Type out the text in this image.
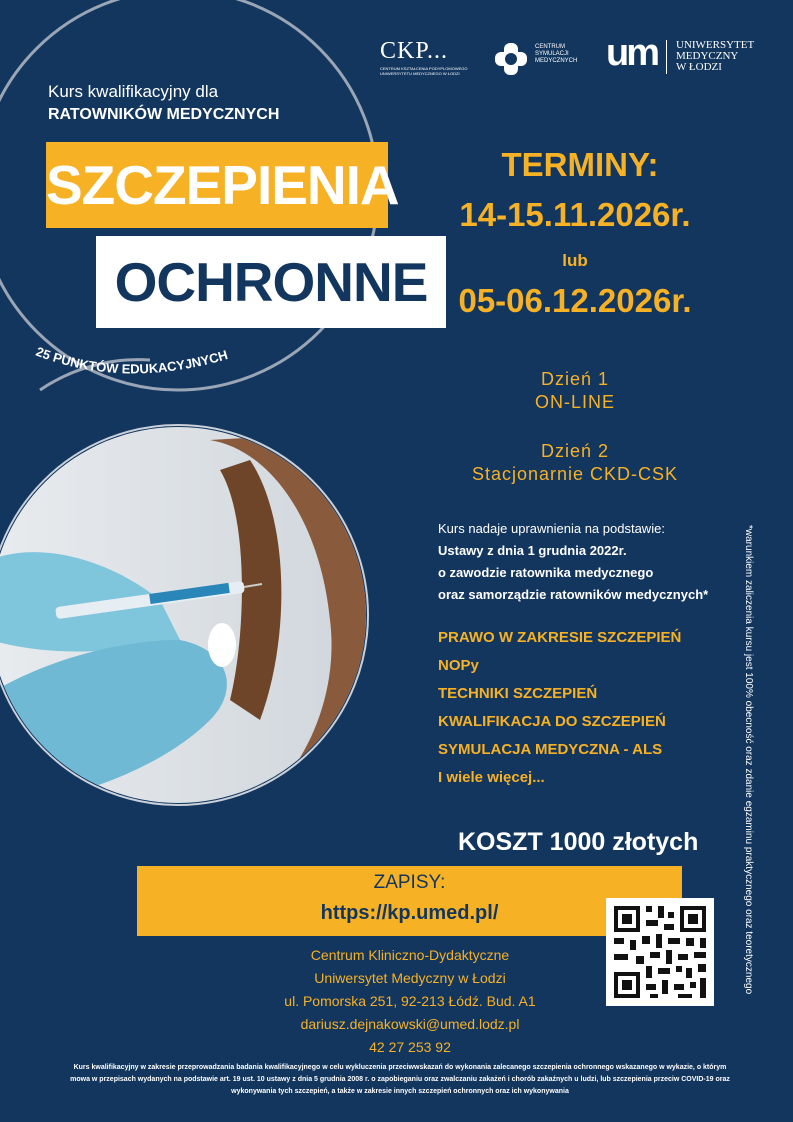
25 PUNKTÓW EDUKACYJNYCH
CKP...
CENTRUM KSZTAŁCENIA PODYPLOMOWEGO UNIWERSYTETU MEDYCZNEGO W ŁODZI
CENTRUM
SYMULACJI
MEDYCZNYCH um UNIWERSYTET
MEDYCZNY
W ŁODZI
Kurs kwalifikacyjny dla
RATOWNIKÓW MEDYCZNYCH
SZCZEPIENIA
OCHRONNE
TERMINY:
14-15.11.2026r.
lub
05-06.12.2026r.
Dzień 1
ON-LINE
Dzień 2
Stacjonarnie CKD-CSK
Kurs nadaje uprawnienia na podstawie:
Ustawy z dnia 1 grudnia 2022r.
o zawodzie ratownika medycznego
oraz samorządzie ratowników medycznych*
PRAWO W ZAKRESIE SZCZEPIEŃ
NOPy
TECHNIKI SZCZEPIEŃ
KWALIFIKACJA DO SZCZEPIEŃ
SYMULACJA MEDYCZNA - ALS
I wiele więcej...
KOSZT 1000 złotych
ZAPISY:
https://kp.umed.pl/
Centrum Kliniczno-Dydaktyczne
Uniwersytet Medyczny w Łodzi
ul. Pomorska 251, 92-213 Łódź. Bud. A1
dariusz.dejnakowski@umed.lodz.pl
42 27 253 92
*warunkiem zaliczenia kursu jest 100% obecność oraz zdanie egzaminu praktycznego oraz teoretycznego
Kurs kwalifikacyjny w zakresie przeprowadzania badania kwalifikacyjnego w celu wykluczenia przeciwwskazań do wykonania zalecanego szczepienia ochronnego wskazanego w wykazie, o którym mowa w przepisach wydanych na podstawie art. 19 ust. 10 ustawy z dnia 5 grudnia 2008 r. o zapobieganiu oraz zwalczaniu zakażeń i chorób zakaźnych u ludzi, lub szczepienia przeciw COVID-19 oraz wykonywania tych szczepień, a także w zakresie innych szczepień ochronnych oraz ich wykonywania
